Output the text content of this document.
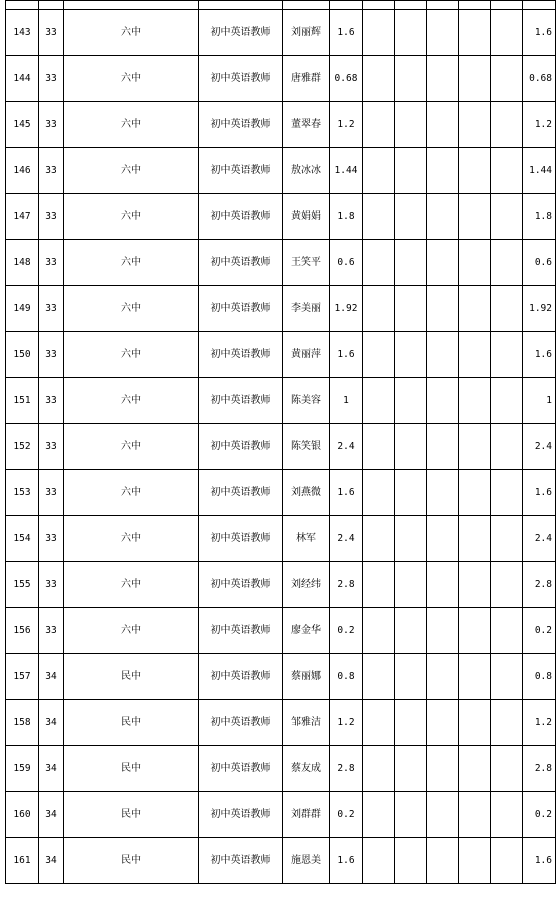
143	33	六中	初中英语教师	刘丽辉	1.6						1.6
144	33	六中	初中英语教师	唐雅群	0.68						0.68
145	33	六中	初中英语教师	董翠春	1.2						1.2
146	33	六中	初中英语教师	敖冰冰	1.44						1.44
147	33	六中	初中英语教师	黄娟娟	1.8						1.8
148	33	六中	初中英语教师	王笑平	0.6						0.6
149	33	六中	初中英语教师	李美丽	1.92						1.92
150	33	六中	初中英语教师	黄丽萍	1.6						1.6
151	33	六中	初中英语教师	陈美容	1						1
152	33	六中	初中英语教师	陈笑银	2.4						2.4
153	33	六中	初中英语教师	刘燕微	1.6						1.6
154	33	六中	初中英语教师	林军	2.4						2.4
155	33	六中	初中英语教师	刘经纬	2.8						2.8
156	33	六中	初中英语教师	廖金华	0.2						0.2
157	34	民中	初中英语教师	蔡丽娜	0.8						0.8
158	34	民中	初中英语教师	邹雅洁	1.2						1.2
159	34	民中	初中英语教师	蔡友成	2.8						2.8
160	34	民中	初中英语教师	刘群群	0.2						0.2
161	34	民中	初中英语教师	施恩美	1.6						1.6
